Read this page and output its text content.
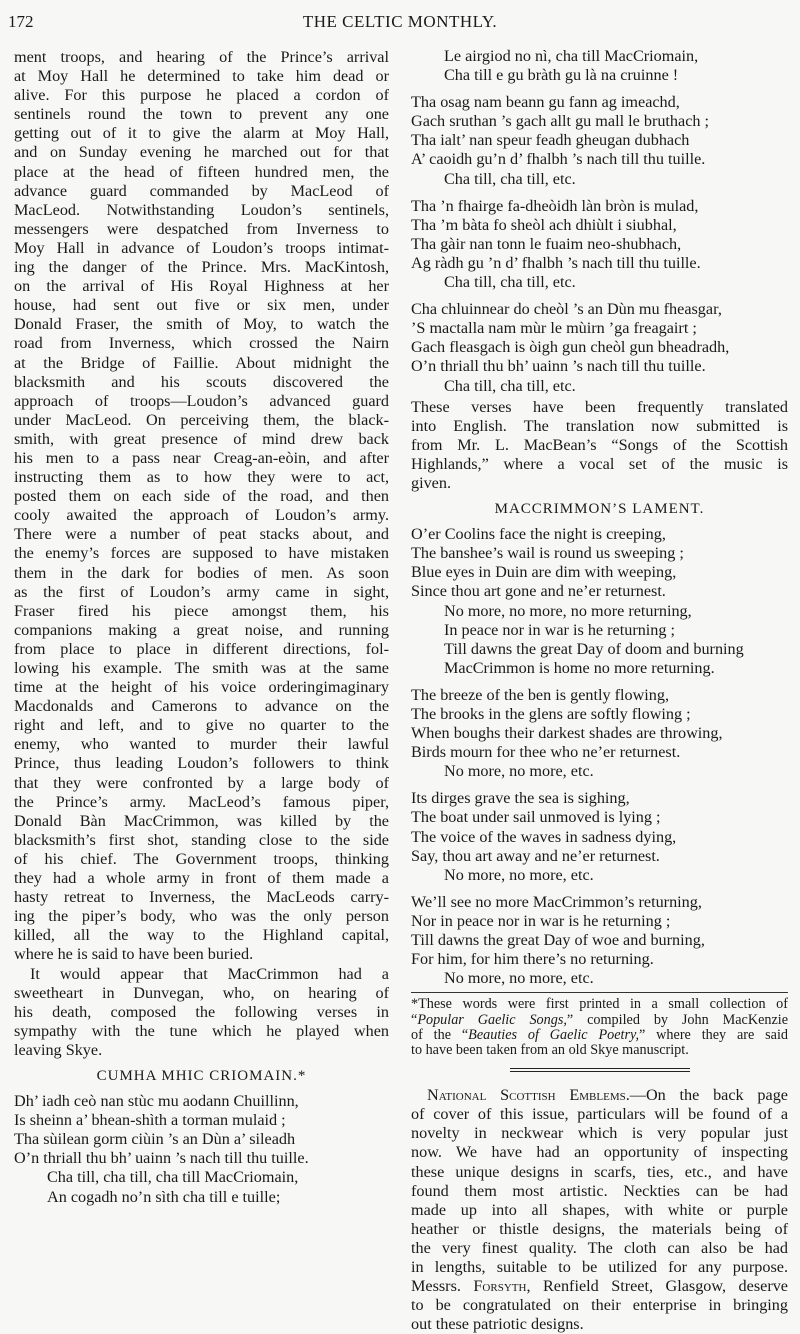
172	THE CELTIC MONTHLY.

ment troops, and hearing of the Prince’s arrival
at Moy Hall he determined to take him dead or
alive. For this purpose he placed a cordon of
sentinels round the town to prevent any one
getting out of it to give the alarm at Moy Hall,
and on Sunday evening he marched out for that
place at the head of fifteen hundred men, the
advance guard commanded by MacLeod of
MacLeod. Notwithstanding Loudon’s sentinels,
messengers were despatched from Inverness to
Moy Hall in advance of Loudon’s troops intimat-
ing the danger of the Prince. Mrs. MacKintosh,
on the arrival of His Royal Highness at her
house, had sent out five or six men, under
Donald Fraser, the smith of Moy, to watch the
road from Inverness, which crossed the Nairn
at the Bridge of Faillie. About midnight the
blacksmith and his scouts discovered the
approach of troops—Loudon’s advanced guard
under MacLeod. On perceiving them, the black-
smith, with great presence of mind drew back
his men to a pass near Creag-an-eòin, and after
instructing them as to how they were to act,
posted them on each side of the road, and then
cooly awaited the approach of Loudon’s army.
There were a number of peat stacks about, and
the enemy’s forces are supposed to have mistaken
them in the dark for bodies of men. As soon
as the first of Loudon’s army came in sight,
Fraser fired his piece amongst them, his
companions making a great noise, and running
from place to place in different directions, fol-
lowing his example. The smith was at the same
time at the height of his voice orderingimaginary
Macdonalds and Camerons to advance on the
right and left, and to give no quarter to the
enemy, who wanted to murder their lawful
Prince, thus leading Loudon’s followers to think
that they were confronted by a large body of
the Prince’s army. MacLeod’s famous piper,
Donald Bàn MacCrimmon, was killed by the
blacksmith’s first shot, standing close to the side
of his chief. The Government troops, thinking
they had a whole army in front of them made a
hasty retreat to Inverness, the MacLeods carry-
ing the piper’s body, who was the only person
killed, all the way to the Highland capital,
where he is said to have been buried.

It would appear that MacCrimmon had a
sweetheart in Dunvegan, who, on hearing of
his death, composed the following verses in
sympathy with the tune which he played when
leaving Skye.

CUMHA MHIC CRIOMAIN.*
Dh’ iadh ceò nan stùc mu aodann Chuillinn,
Is sheinn a’ bhean-shìth a torman mulaid ;
Tha sùilean gorm ciùin ’s an Dùn a’ sileadh
O’n thriall thu bh’ uainn ’s nach till thu tuille.
Cha till, cha till, cha till MacCriomain,
An cogadh no’n sìth cha till e tuille;
Le airgiod no nì, cha till MacCriomain,
Cha till e gu bràth gu là na cruinne !
Tha osag nam beann gu fann ag imeachd,
Gach sruthan ’s gach allt gu mall le bruthach ;
Tha ialt’ nan speur feadh gheugan dubhach
A’ caoidh gu’n d’ fhalbh ’s nach till thu tuille.
Cha till, cha till, etc.
Tha ’n fhairge fa-dheòidh làn bròn is mulad,
Tha ’m bàta fo sheòl ach dhiùlt i siubhal,
Tha gàir nan tonn le fuaim neo-shubhach,
Ag ràdh gu ’n d’ fhalbh ’s nach till thu tuille.
Cha till, cha till, etc.
Cha chluinnear do cheòl ’s an Dùn mu fheasgar,
’S mactalla nam mùr le mùirn ’ga freagairt ;
Gach fleasgach is òigh gun cheòl gun bheadradh,
O’n thriall thu bh’ uainn ’s nach till thu tuille.
Cha till, cha till, etc.

These verses have been frequently translated
into English. The translation now submitted is
from Mr. L. MacBean’s “Songs of the Scottish
Highlands,” where a vocal set of the music is
given.

MACCRIMMON’S LAMENT.
O’er Coolins face the night is creeping,
The banshee’s wail is round us sweeping ;
Blue eyes in Duin are dim with weeping,
Since thou art gone and ne’er returnest.
No more, no more, no more returning,
In peace nor in war is he returning ;
Till dawns the great Day of doom and burning
MacCrimmon is home no more returning.
The breeze of the ben is gently flowing,
The brooks in the glens are softly flowing ;
When boughs their darkest shades are throwing,
Birds mourn for thee who ne’er returnest.
No more, no more, etc.
Its dirges grave the sea is sighing,
The boat under sail unmoved is lying ;
The voice of the waves in sadness dying,
Say, thou art away and ne’er returnest.
No more, no more, etc.
We’ll see no more MacCrimmon’s returning,
Nor in peace nor in war is he returning ;
Till dawns the great Day of woe and burning,
For him, for him there’s no returning.
No more, no more, etc.
*These words were first printed in a small collection of
“Popular Gaelic Songs,” compiled by John MacKenzie
of the “Beauties of Gaelic Poetry,” where they are said
to have been taken from an old Skye manuscript.
National Scottish Emblems.—On the back page
of cover of this issue, particulars will be found of a
novelty in neckwear which is very popular just
now. We have had an opportunity of inspecting
these unique designs in scarfs, ties, etc., and have
found them most artistic. Neckties can be had
made up into all shapes, with white or purple
heather or thistle designs, the materials being of
the very finest quality. The cloth can also be had
in lengths, suitable to be utilized for any purpose.
Messrs. Forsyth, Renfield Street, Glasgow, deserve
to be congratulated on their enterprise in bringing
out these patriotic designs.
